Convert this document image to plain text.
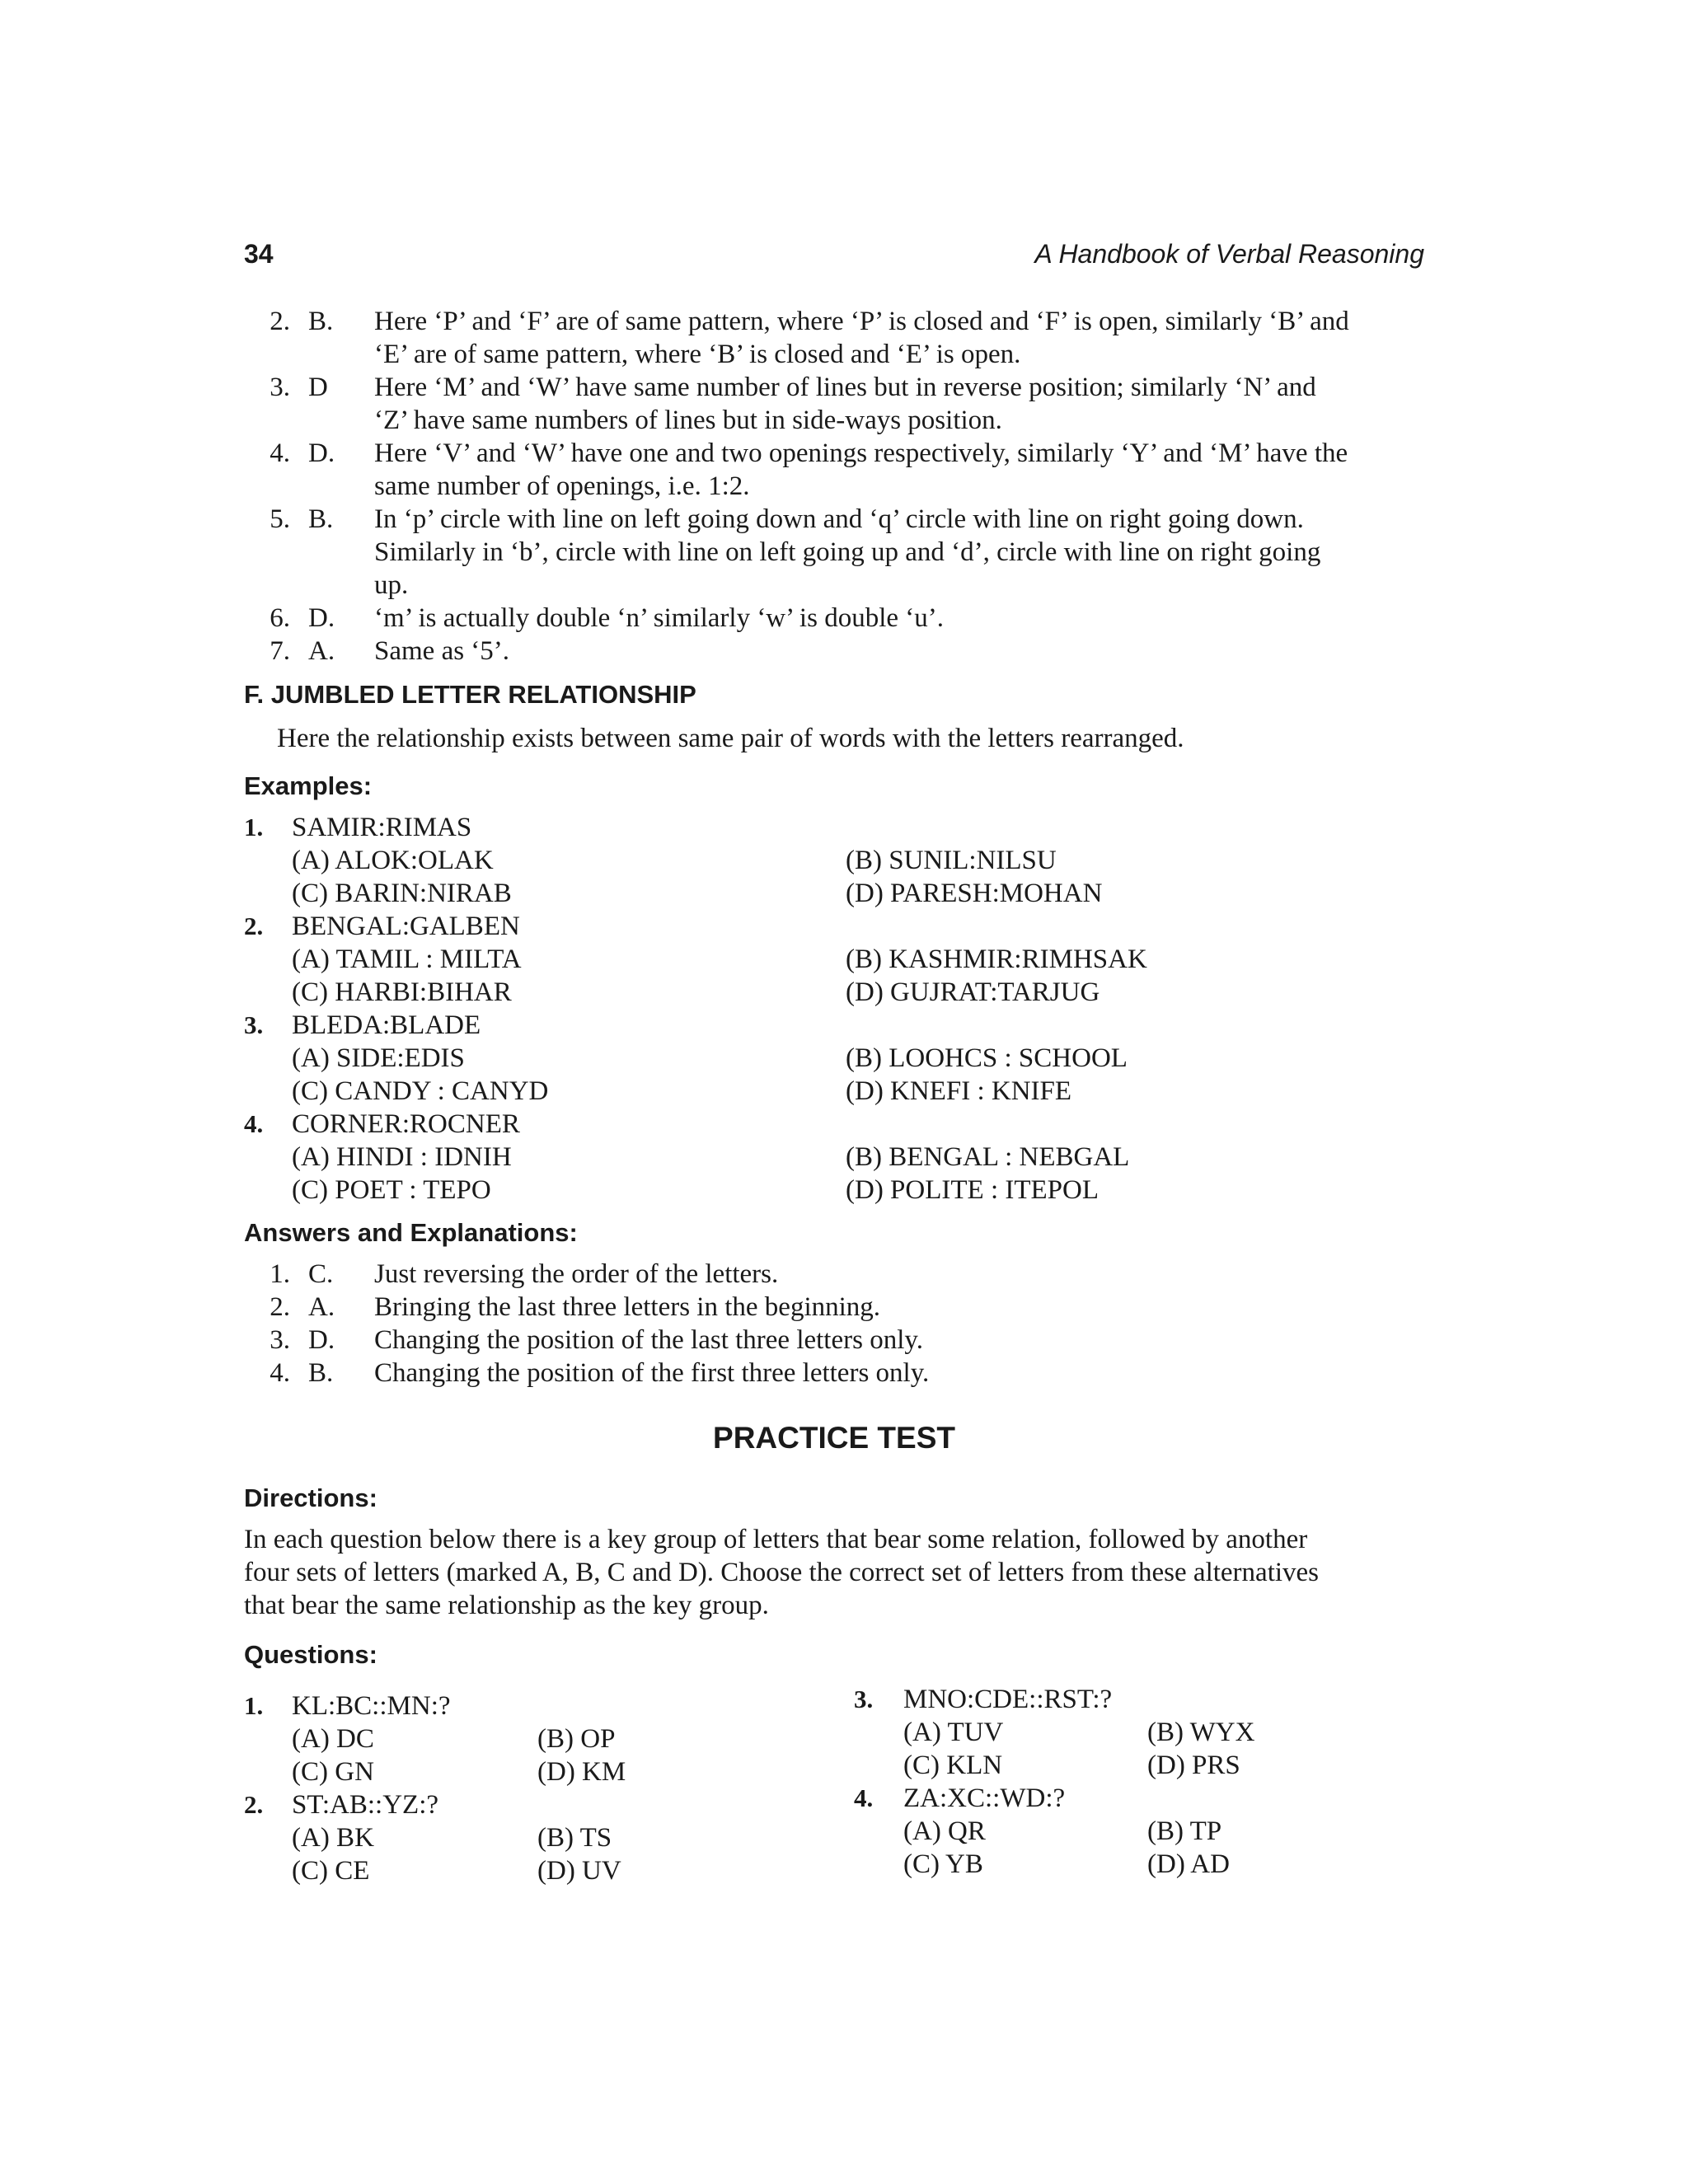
34	A Handbook of Verbal Reasoning
2. B. Here ‘P’ and ‘F’ are of same pattern, where ‘P’ is closed and ‘F’ is open, similarly ‘B’ and
‘E’ are of same pattern, where ‘B’ is closed and ‘E’ is open.
3. D Here ‘M’ and ‘W’ have same number of lines but in reverse position; similarly ‘N’ and
‘Z’ have same numbers of lines but in side-ways position.
4. D. Here ‘V’ and ‘W’ have one and two openings respectively, similarly ‘Y’ and ‘M’ have the
same number of openings, i.e. 1:2.
5. B. In ‘p’ circle with line on left going down and ‘q’ circle with line on right going down.
Similarly in ‘b’, circle with line on left going up and ‘d’, circle with line on right going
up.
6. D. ‘m’ is actually double ‘n’ similarly ‘w’ is double ‘u’.
7. A. Same as ‘5’.
F. JUMBLED LETTER RELATIONSHIP
Here the relationship exists between same pair of words with the letters rearranged.
Examples:
1. SAMIR:RIMAS
(A) ALOK:OLAK	(B) SUNIL:NILSU
(C) BARIN:NIRAB	(D) PARESH:MOHAN
2. BENGAL:GALBEN
(A) TAMIL : MILTA	(B) KASHMIR:RIMHSAK
(C) HARBI:BIHAR	(D) GUJRAT:TARJUG
3. BLEDA:BLADE
(A) SIDE:EDIS	(B) LOOHCS : SCHOOL
(C) CANDY : CANYD	(D) KNEFI : KNIFE
4. CORNER:ROCNER
(A) HINDI : IDNIH	(B) BENGAL : NEBGAL
(C) POET : TEPO	(D) POLITE : ITEPOL
Answers and Explanations:
1. C. Just reversing the order of the letters.
2. A. Bringing the last three letters in the beginning.
3. D. Changing the position of the last three letters only.
4. B. Changing the position of the first three letters only.
PRACTICE TEST
Directions:
In each question below there is a key group of letters that bear some relation, followed by another
four sets of letters (marked A, B, C and D). Choose the correct set of letters from these alternatives
that bear the same relationship as the key group.
Questions:
1. KL:BC::MN:?
(A) DC	(B) OP
(C) GN	(D) KM
2. ST:AB::YZ:?
(A) BK	(B) TS
(C) CE	(D) UV
3. MNO:CDE::RST:?
(A) TUV	(B) WYX
(C) KLN	(D) PRS
4. ZA:XC::WD:?
(A) QR	(B) TP
(C) YB	(D) AD
